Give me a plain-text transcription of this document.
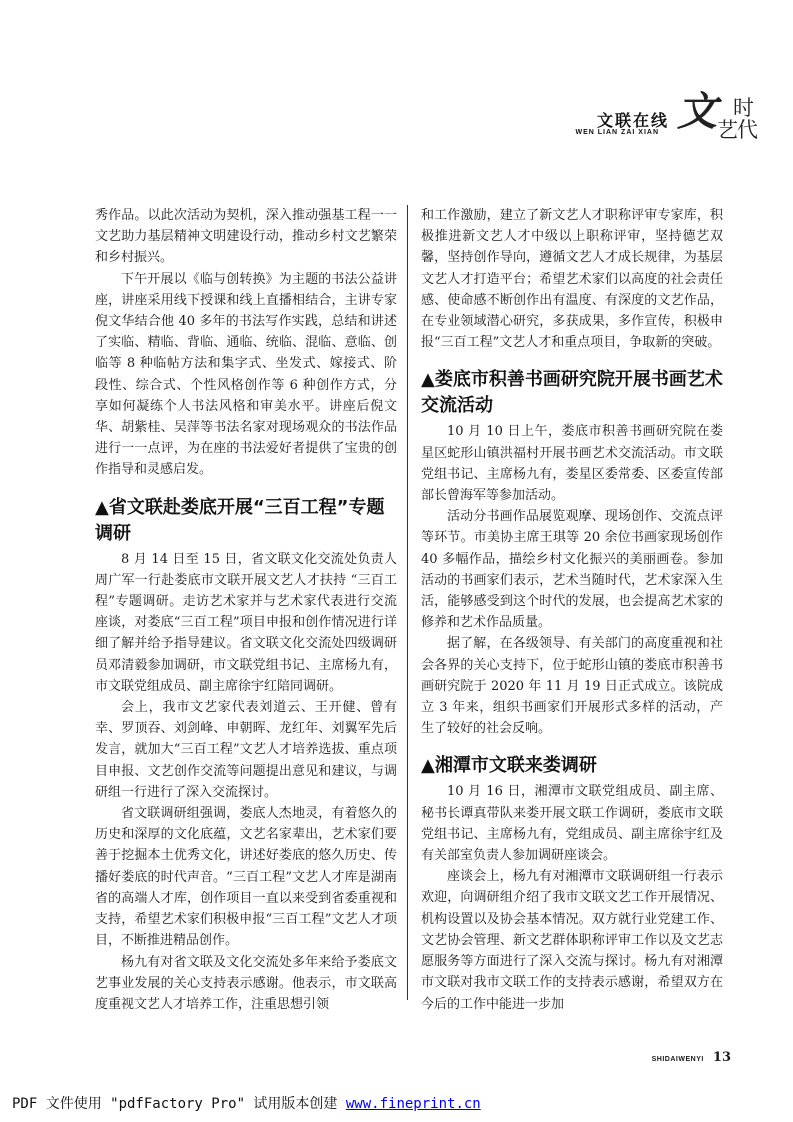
文联在线
WEN LIAN ZAI XIAN 文 时
代
艺

秀作品。以此次活动为契机，深入推动强基工程一一文艺助力基层精神文明建设行动，推动乡村文艺繁荣和乡村振兴。

下午开展以《临与创转换》为主题的书法公益讲座，讲座采用线下授课和线上直播相结合，主讲专家倪文华结合他 40 多年的书法写作实践，总结和讲述了实临、精临、背临、通临、统临、混临、意临、创临等 8 种临帖方法和集字式、坐发式、嫁接式、阶段性、综合式、个性风格创作等 6 种创作方式，分享如何凝练个人书法风格和审美水平。讲座后倪文华、胡紫桂、吴萍等书法名家对现场观众的书法作品进行一一点评，为在座的书法爱好者提供了宝贵的创作指导和灵感启发。

▲省文联赴娄底开展“三百工程”专题调研

8 月 14 日至 15 日，省文联文化交流处负责人周广军一行赴娄底市文联开展文艺人才扶持 “三百工程”专题调研。走访艺术家并与艺术家代表进行交流座谈，对娄底“三百工程”项目申报和创作情况进行详细了解并给予指导建议。省文联文化交流处四级调研员邓清毅参加调研，市文联党组书记、主席杨九有，市文联党组成员、副主席徐宇红陪同调研。

会上，我市文艺家代表刘道云、王开健、曾有幸、罗顶吞、刘剑峰、申朝晖、龙红年、刘翼军先后发言，就加大“三百工程”文艺人才培养选拔、重点项目申报、文艺创作交流等问题提出意见和建议，与调研组一行进行了深入交流探讨。

省文联调研组强调，娄底人杰地灵，有着悠久的历史和深厚的文化底蕴，文艺名家辈出，艺术家们要善于挖掘本土优秀文化，讲述好娄底的悠久历史、传播好娄底的时代声音。“三百工程”文艺人才库是湖南省的高端人才库，创作项目一直以来受到省委重视和支持，希望艺术家们积极申报“三百工程”文艺人才项目，不断推进精品创作。

杨九有对省文联及文化交流处多年来给予娄底文艺事业发展的关心支持表示感谢。他表示，市文联高度重视文艺人才培养工作，注重思想引领

和工作激励，建立了新文艺人才职称评审专家库，积极推进新文艺人才中级以上职称评审，坚持德艺双馨，坚持创作导向，遵循文艺人才成长规律，为基层文艺人才打造平台；希望艺术家们以高度的社会责任感、使命感不断创作出有温度、有深度的文艺作品，在专业领域潜心研究，多获成果，多作宣传，积极申报“三百工程”文艺人才和重点项目，争取新的突破。

▲娄底市积善书画研究院开展书画艺术交流活动

10 月 10 日上午，娄底市积善书画研究院在娄星区蛇形山镇洪福村开展书画艺术交流活动。市文联党组书记、主席杨九有，娄星区委常委、区委宣传部部长曾海军等参加活动。

活动分书画作品展览观摩、现场创作、交流点评等环节。市美协主席王琪等 20 余位书画家现场创作 40 多幅作品，描绘乡村文化振兴的美丽画卷。参加活动的书画家们表示，艺术当随时代，艺术家深入生活，能够感受到这个时代的发展，也会提高艺术家的修养和艺术作品质量。

据了解，在各级领导、有关部门的高度重视和社会各界的关心支持下，位于蛇形山镇的娄底市积善书画研究院于 2020 年 11 月 19 日正式成立。该院成立 3 年来，组织书画家们开展形式多样的活动，产生了较好的社会反响。

▲湘潭市文联来娄调研

10 月 16 日，湘潭市文联党组成员、副主席、秘书长谭真带队来娄开展文联工作调研，娄底市文联党组书记、主席杨九有，党组成员、副主席徐宇红及有关部室负责人参加调研座谈会。

座谈会上，杨九有对湘潭市文联调研组一行表示欢迎，向调研组介绍了我市文联文艺工作开展情况、机构设置以及协会基本情况。双方就行业党建工作、文艺协会管理、新文艺群体职称评审工作以及文艺志愿服务等方面进行了深入交流与探讨。杨九有对湘潭市文联对我市文联工作的支持表示感谢，希望双方在今后的工作中能进一步加

SHIDAIWENYI 13
PDF 文件使用 "pdfFactory Pro" 试用版本创建 www.fineprint.cn
